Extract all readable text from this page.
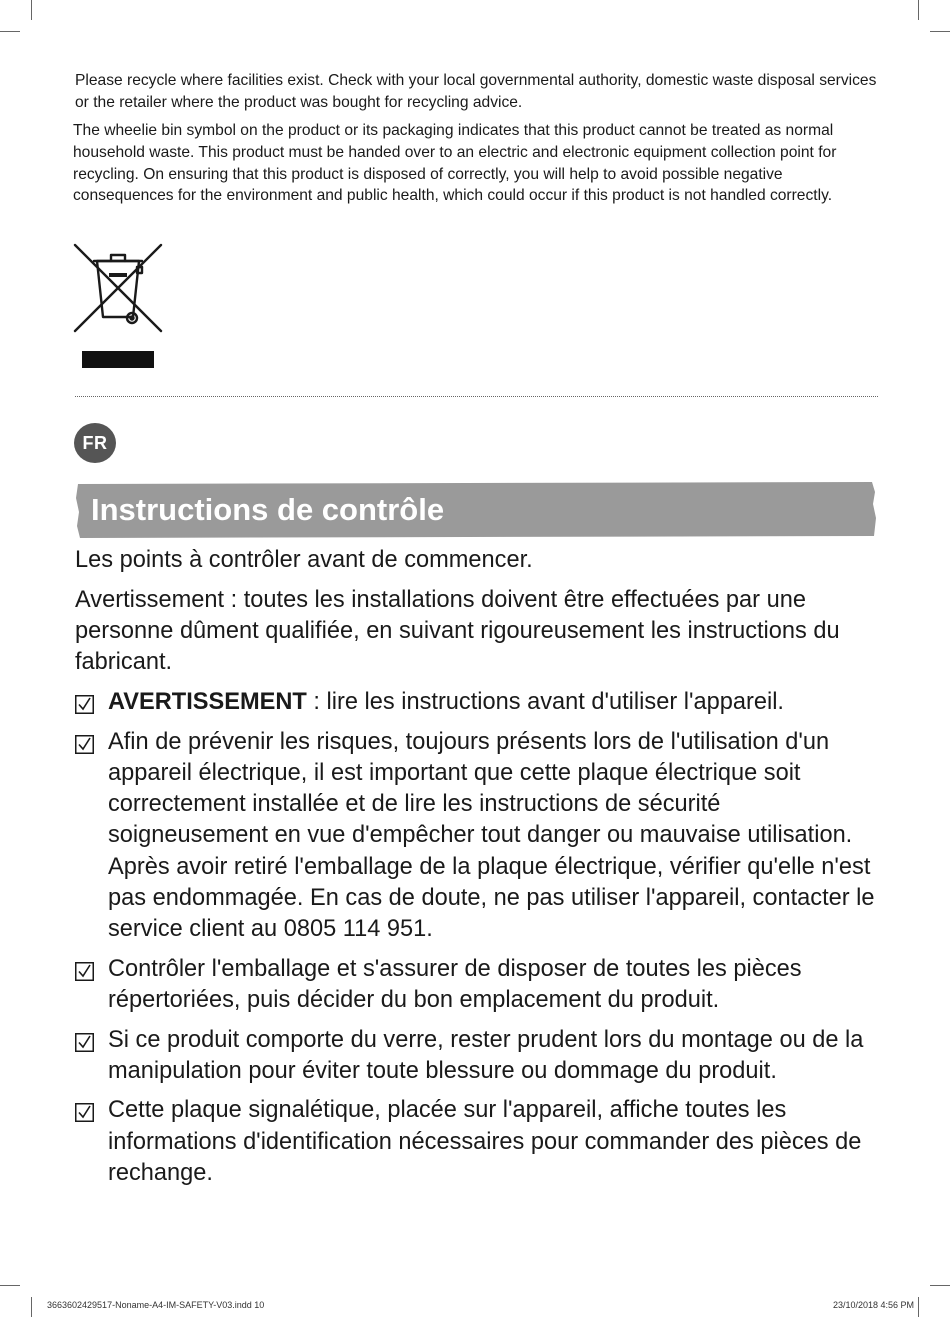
Please recycle where facilities exist. Check with your local governmental authority, domestic waste disposal services or the retailer where the product was bought for recycling advice.

The wheelie bin symbol on the product or its packaging indicates that this product cannot be treated as normal household waste. This product must be handed over to an electric and electronic equipment collection point for recycling. On ensuring that this product is disposed of correctly, you will help to avoid possible negative consequences for the environment and public health, which could occur if this product is not handled correctly.

FR
Instructions de contrôle

Les points à contrôler avant de commencer.

Avertissement : toutes les installations doivent être effectuées par une personne dûment qualifiée, en suivant rigoureusement les instructions du fabricant.

AVERTISSEMENT : lire les instructions avant d'utiliser l'appareil.
Afin de prévenir les risques, toujours présents lors de l'utilisation d'un appareil électrique, il est important que cette plaque électrique soit correctement installée et de lire les instructions de sécurité soigneusement en vue d'empêcher tout danger ou mauvaise utilisation. Après avoir retiré l'emballage de la plaque électrique, vérifier qu'elle n'est pas endommagée. En cas de doute, ne pas utiliser l'appareil, contacter le service client au 0805 114 951.
Contrôler l'emballage et s'assurer de disposer de toutes les pièces répertoriées, puis décider du bon emplacement du produit.
Si ce produit comporte du verre, rester prudent lors du montage ou de la manipulation pour éviter toute blessure ou dommage du produit.
Cette plaque signalétique, placée sur l'appareil, affiche toutes les informations d'identification nécessaires pour commander des pièces de rechange.
3663602429517-Noname-A4-IM-SAFETY-V03.indd 10	23/10/2018 4:56 PM
